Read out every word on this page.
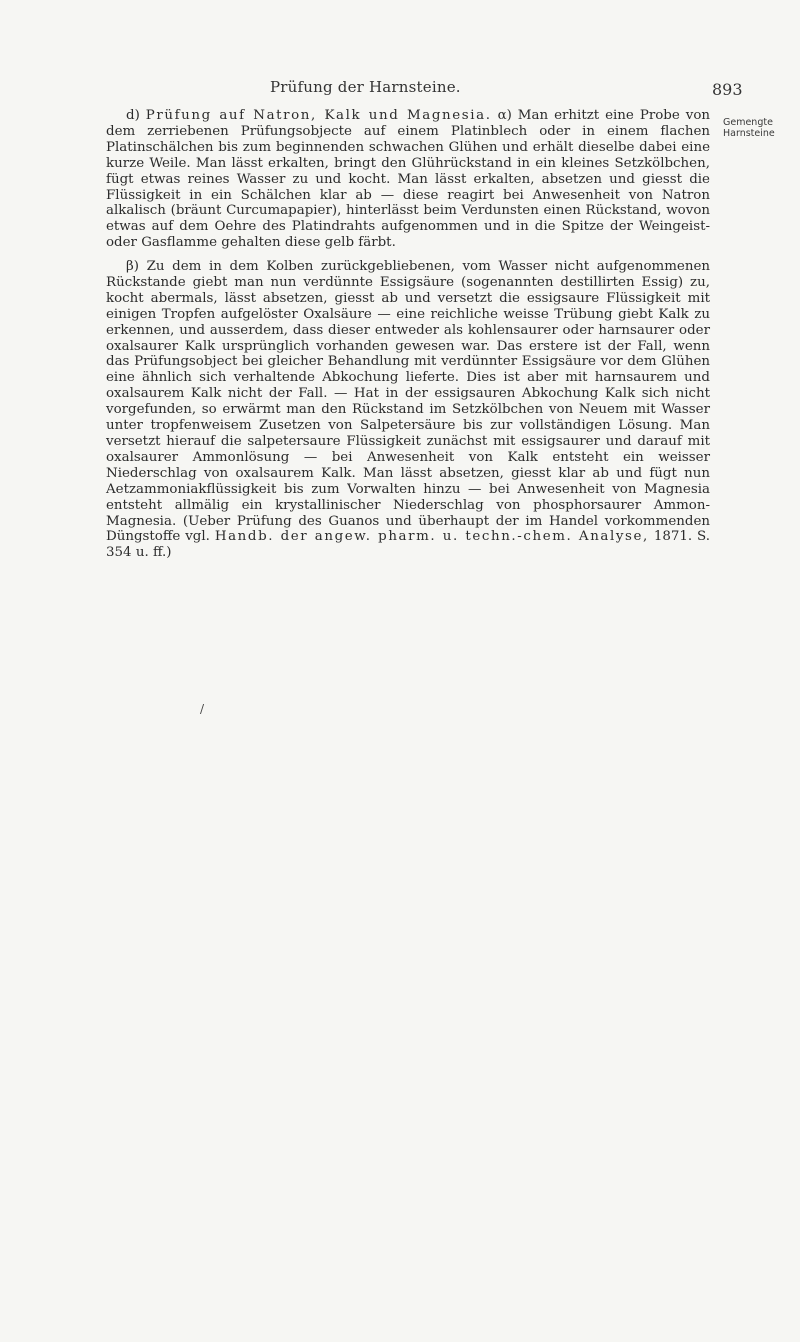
Prüfung der Harnsteine.	893
Gemengte Harnsteine

d) Prüfung auf Natron, Kalk und Magnesia. α) Man erhitzt eine Probe von dem zerriebenen Prüfungsobjecte auf einem Platinblech oder in einem flachen Platinschälchen bis zum beginnenden schwachen Glühen und erhält dieselbe dabei eine kurze Weile. Man lässt erkalten, bringt den Glührückstand in ein kleines Setzkölbchen, fügt etwas reines Wasser zu und kocht. Man lässt erkalten, absetzen und giesst die Flüssigkeit in ein Schälchen klar ab — diese reagirt bei Anwesenheit von Natron alkalisch (bräunt Curcumapapier), hinterlässt beim Verdunsten einen Rückstand, wovon etwas auf dem Oehre des Platindrahts aufgenommen und in die Spitze der Weingeist- oder Gasflamme gehalten diese gelb färbt.

β) Zu dem in dem Kolben zurückgebliebenen, vom Wasser nicht aufgenommenen Rückstande giebt man nun verdünnte Essigsäure (sogenannten destillirten Essig) zu, kocht abermals, lässt absetzen, giesst ab und versetzt die essigsaure Flüssigkeit mit einigen Tropfen aufgelöster Oxalsäure — eine reichliche weisse Trübung giebt Kalk zu erkennen, und ausserdem, dass dieser entweder als kohlensaurer oder harnsaurer oder oxalsaurer Kalk ursprünglich vorhanden gewesen war. Das erstere ist der Fall, wenn das Prüfungsobject bei gleicher Behandlung mit verdünnter Essigsäure vor dem Glühen eine ähnlich sich verhaltende Abkochung lieferte. Dies ist aber mit harnsaurem und oxalsaurem Kalk nicht der Fall. — Hat in der essigsauren Abkochung Kalk sich nicht vorgefunden, so erwärmt man den Rückstand im Setzkölbchen von Neuem mit Wasser unter tropfenweisem Zusetzen von Salpetersäure bis zur vollständigen Lösung. Man versetzt hierauf die salpetersaure Flüssigkeit zunächst mit essigsaurer und darauf mit oxalsaurer Ammonlösung — bei Anwesenheit von Kalk entsteht ein weisser Niederschlag von oxalsaurem Kalk. Man lässt absetzen, giesst klar ab und fügt nun Aetzammoniakflüssigkeit bis zum Vorwalten hinzu — bei Anwesenheit von Magnesia entsteht allmälig ein krystallinischer Niederschlag von phosphorsaurer Ammon-Magnesia. (Ueber Prüfung des Guanos und überhaupt der im Handel vorkommenden Düngstoffe vgl. Handb. der angew. pharm. u. techn.-chem. Analyse, 1871. S. 354 u. ff.)

/
